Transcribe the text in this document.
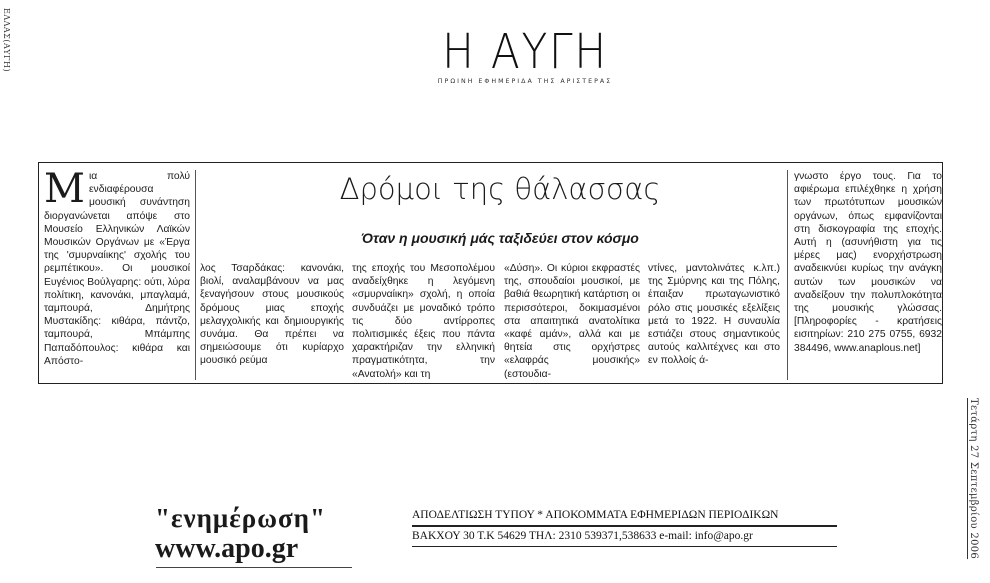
ΕΛΛΑΣ(ΑΥΓΗ)
Τετάρτη 27 Σεπτεμβρίου 2006
Η ΑΥΓΗ
ΠΡΩΙΝΗ ΕΦΗΜΕΡΙΔΑ ΤΗΣ ΑΡΙΣΤΕΡΑΣ
Δρόμοι της θάλασσας
Όταν η μουσική μάς ταξιδεύει στον κόσμο
Μια πολύ ενδιαφέρουσα μουσική συνάντηση διοργανώνεται απόψε στο Μουσείο Ελληνικών Λαϊκών Μουσικών Οργάνων με «Έργα της 'σμυρναίικης' σχολής του ρεμπέτικου». Οι μουσικοί Ευγένιος Βούλγαρης: ούτι, λύρα πολίτικη, κανονάκι, μπαγλαμά, ταμπουρά, Δημήτρης Μυστακίδης: κιθάρα, πάντζο, ταμπουρά, Μπάμπης Παπαδόπουλος: κιθάρα και Απόστο-
λος Τσαρδάκας: κανονάκι, βιολί, αναλαμβάνουν να μας ξεναγήσουν στους μουσικούς δρόμους μιας εποχής μελαγχολικής και δημιουργικής συνάμα. Θα πρέπει να σημειώσουμε ότι κυρίαρχο μουσικό ρεύμα
της εποχής του Μεσοπολέμου αναδείχθηκε η λεγόμενη «σμυρναίικη» σχολή, η οποία συνδυάζει με μοναδικό τρόπο τις δύο αντίρροπες πολιτισμικές έξεις που πάντα χαρακτήριζαν την ελληνική πραγματικότητα, την «Ανατολή» και τη
«Δύση». Οι κύριοι εκφραστές της, σπουδαίοι μουσικοί, με βαθιά θεωρητική κατάρτιση οι περισσότεροι, δοκιμασμένοι στα απαιτητικά ανατολίτικα «καφέ αμάν», αλλά και με θητεία στις ορχήστρες «ελαφράς μουσικής» (εστουδια-
ντίνες, μαντολινάτες κ.λπ.) της Σμύρνης και της Πόλης, έπαιξαν πρωταγωνιστικό ρόλο στις μουσικές εξελίξεις μετά το 1922. Η συναυλία εστιάζει στους σημαντικούς αυτούς καλλιτέχνες και στο εν πολλοίς ά-
γνωστο έργο τους. Για το αφιέρωμα επιλέχθηκε η χρήση των πρωτότυπων μουσικών οργάνων, όπως εμφανίζονται στη δισκογραφία της εποχής. Αυτή η (ασυνήθιστη για τις μέρες μας) ενορχήστρωση αναδεικνύει κυρίως την ανάγκη αυτών των μουσικών να αναδείξουν την πολυπλοκότητα της μουσικής γλώσσας. [Πληροφορίες - κρατήσεις εισιτηρίων: 210 275 0755, 6932 384496, www.anaplous.net]
"ενημέρωση"
www.apo.gr
ΑΠΟΔΕΛΤΙΩΣΗ ΤΥΠΟΥ * ΑΠΟΚΟΜΜΑΤΑ ΕΦΗΜΕΡΙΔΩΝ ΠΕΡΙΟΔΙΚΩΝ
ΒΑΚΧΟΥ 30 Τ.Κ 54629 ΤΗΛ: 2310 539371,538633 e-mail: info@apo.gr
